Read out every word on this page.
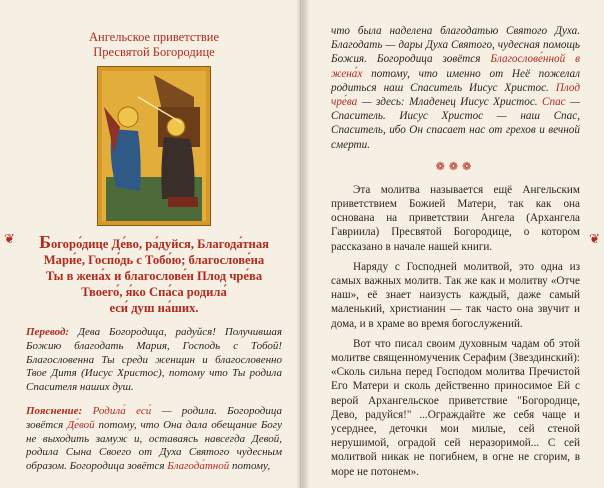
Ангельское приветствие
Пресвятой Богородице

Богоро́дице Де́во, ра́дуйся, Благода́тная
Мари́е, Госпо́дь с Тобо́ю; благослове́на
Ты в жена́х и благослове́н Плод чре́ва
Твоего́, я́ко Спа́са родила́
еси́ душ на́ших.

Перевод: Дева Богородица, радуйся! Получившая Божию благодать Мария, Господь с Тобой! Благословенна Ты среди женщин и благословенно Твое Дитя (Иисус Христос), потому что Ты родила Спасителя наших душ.

Пояснение: Родила́ еси́ — родила. Богородица зовётся Де́вой потому, что Она дала обещание Богу не выходить замуж и, оставаясь навсегда Девой, родила Сына Своего от Духа Святого чудесным образом. Богородица зовётся Благода́тной потому,

❦

что была наделена благодатью Святого Духа. Благодать — дары Духа Святого, чудесная помощь Божия. Богородица зовётся Благослове́нной в жена́х потому, что именно от Неё пожелал родиться наш Спаситель Иисус Христос. Плод чре́ва — здесь: Младенец Иисус Христос. Спас — Спаситель. Иисус Христос — наш Спас, Спаситель, ибо Он спасает нас от грехов и вечной смерти.

❁❁❁

Эта молитва называется ещё Ангельским приветствием Божией Матери, так как она основана на приветствии Ангела (Архангела Гавриила) Пресвятой Богородице, о котором рассказано в начале нашей книги.

Наряду с Господней молитвой, это одна из самых важных молитв. Так же как и молитву «Отче наш», её знает наизусть каждый, даже самый маленький, христианин — так часто она звучит и дома, и в храме во время богослужений.

Вот что писал своим духовным чадам об этой молитве священномученик Серафим (Звездинский): «Сколь сильна перед Господом молитва Пречистой Его Матери и сколь действенно приносимое Ей с верой Архангельское приветствие "Богородице, Дево, радуйся!" ...Ограждайте же себя чаще и усерднее, деточки мои милые, сей стеной нерушимой, оградой сей неразоримой... С сей молитвой никак не погибнем, в огне не сгорим, в море не потонем».

❦
